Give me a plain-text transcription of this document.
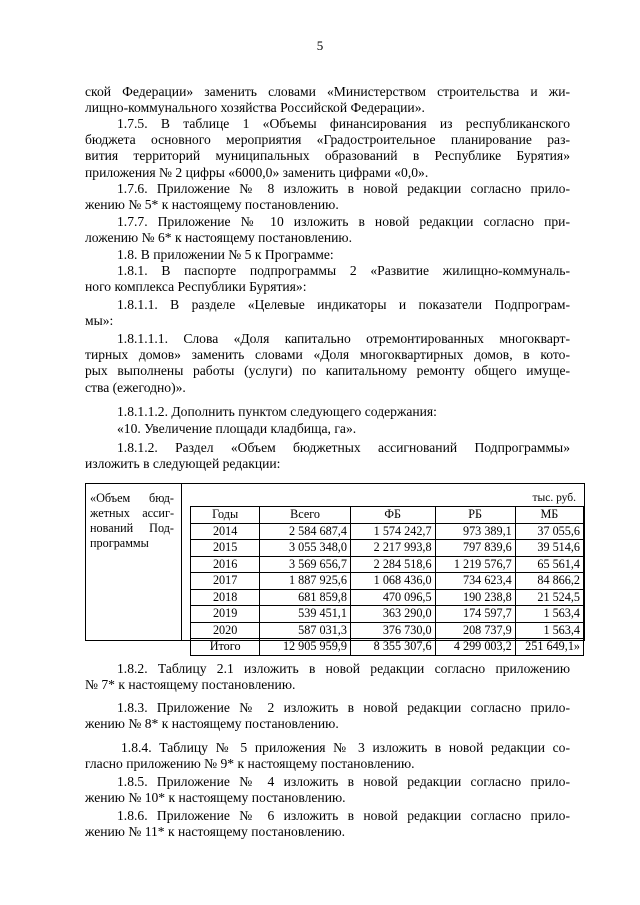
5

ской Федерации» заменить словами «Министерством строительства и жи-
лищно-коммунального хозяйства Российской Федерации».

1.7.5. В таблице 1 «Объемы финансирования из республиканского
бюджета основного мероприятия «Градостроительное планирование раз-
вития территорий муниципальных образований в Республике Бурятия»
приложения № 2 цифры «6000,0» заменить цифрами «0,0».

1.7.6. Приложение № 8 изложить в новой редакции согласно прило-
жению № 5* к настоящему постановлению.

1.7.7. Приложение № 10 изложить в новой редакции согласно при-
ложению № 6* к настоящему постановлению.

1.8. В приложении № 5 к Программе:

1.8.1. В паспорте подпрограммы 2 «Развитие жилищно-коммуналь-
ного комплекса Республики Бурятия»:

1.8.1.1. В разделе «Целевые индикаторы и показатели Подпрограм-
мы»:

1.8.1.1.1. Слова «Доля капитально отремонтированных многокварт-
тирных домов» заменить словами «Доля многоквартирных домов, в кото-
рых выполнены работы (услуги) по капитальному ремонту общего имуще-
ства (ежегодно)».

1.8.1.1.2. Дополнить пунктом следующего содержания:

«10. Увеличение площади кладбища, га».

1.8.1.2. Раздел «Объем бюджетных ассигнований Подпрограммы»
изложить в следующей редакции:

«Объем бюд-
жетных ассиг-
нований Под-
программы
тыс. руб.
Годы	Всего	ФБ	РБ	МБ
2014	2 584 687,4	1 574 242,7	973 389,1	37 055,6
2015	3 055 348,0	2 217 993,8	797 839,6	39 514,6
2016	3 569 656,7	2 284 518,6	1 219 576,7	65 561,4
2017	1 887 925,6	1 068 436,0	734 623,4	84 866,2
2018	681 859,8	470 096,5	190 238,8	21 524,5
2019	539 451,1	363 290,0	174 597,7	1 563,4
2020	587 031,3	376 730,0	208 737,9	1 563,4
Итого	12 905 959,9	8 355 307,6	4 299 003,2	251 649,1»

1.8.2. Таблицу 2.1 изложить в новой редакции согласно приложению
№ 7* к настоящему постановлению.

1.8.3. Приложение № 2 изложить в новой редакции согласно прило-
жению № 8* к настоящему постановлению.

1.8.4. Таблицу № 5 приложения № 3 изложить в новой редакции со-
гласно приложению № 9* к настоящему постановлению.

1.8.5. Приложение № 4 изложить в новой редакции согласно прило-
жению № 10* к настоящему постановлению.

1.8.6. Приложение № 6 изложить в новой редакции согласно прило-
жению № 11* к настоящему постановлению.
